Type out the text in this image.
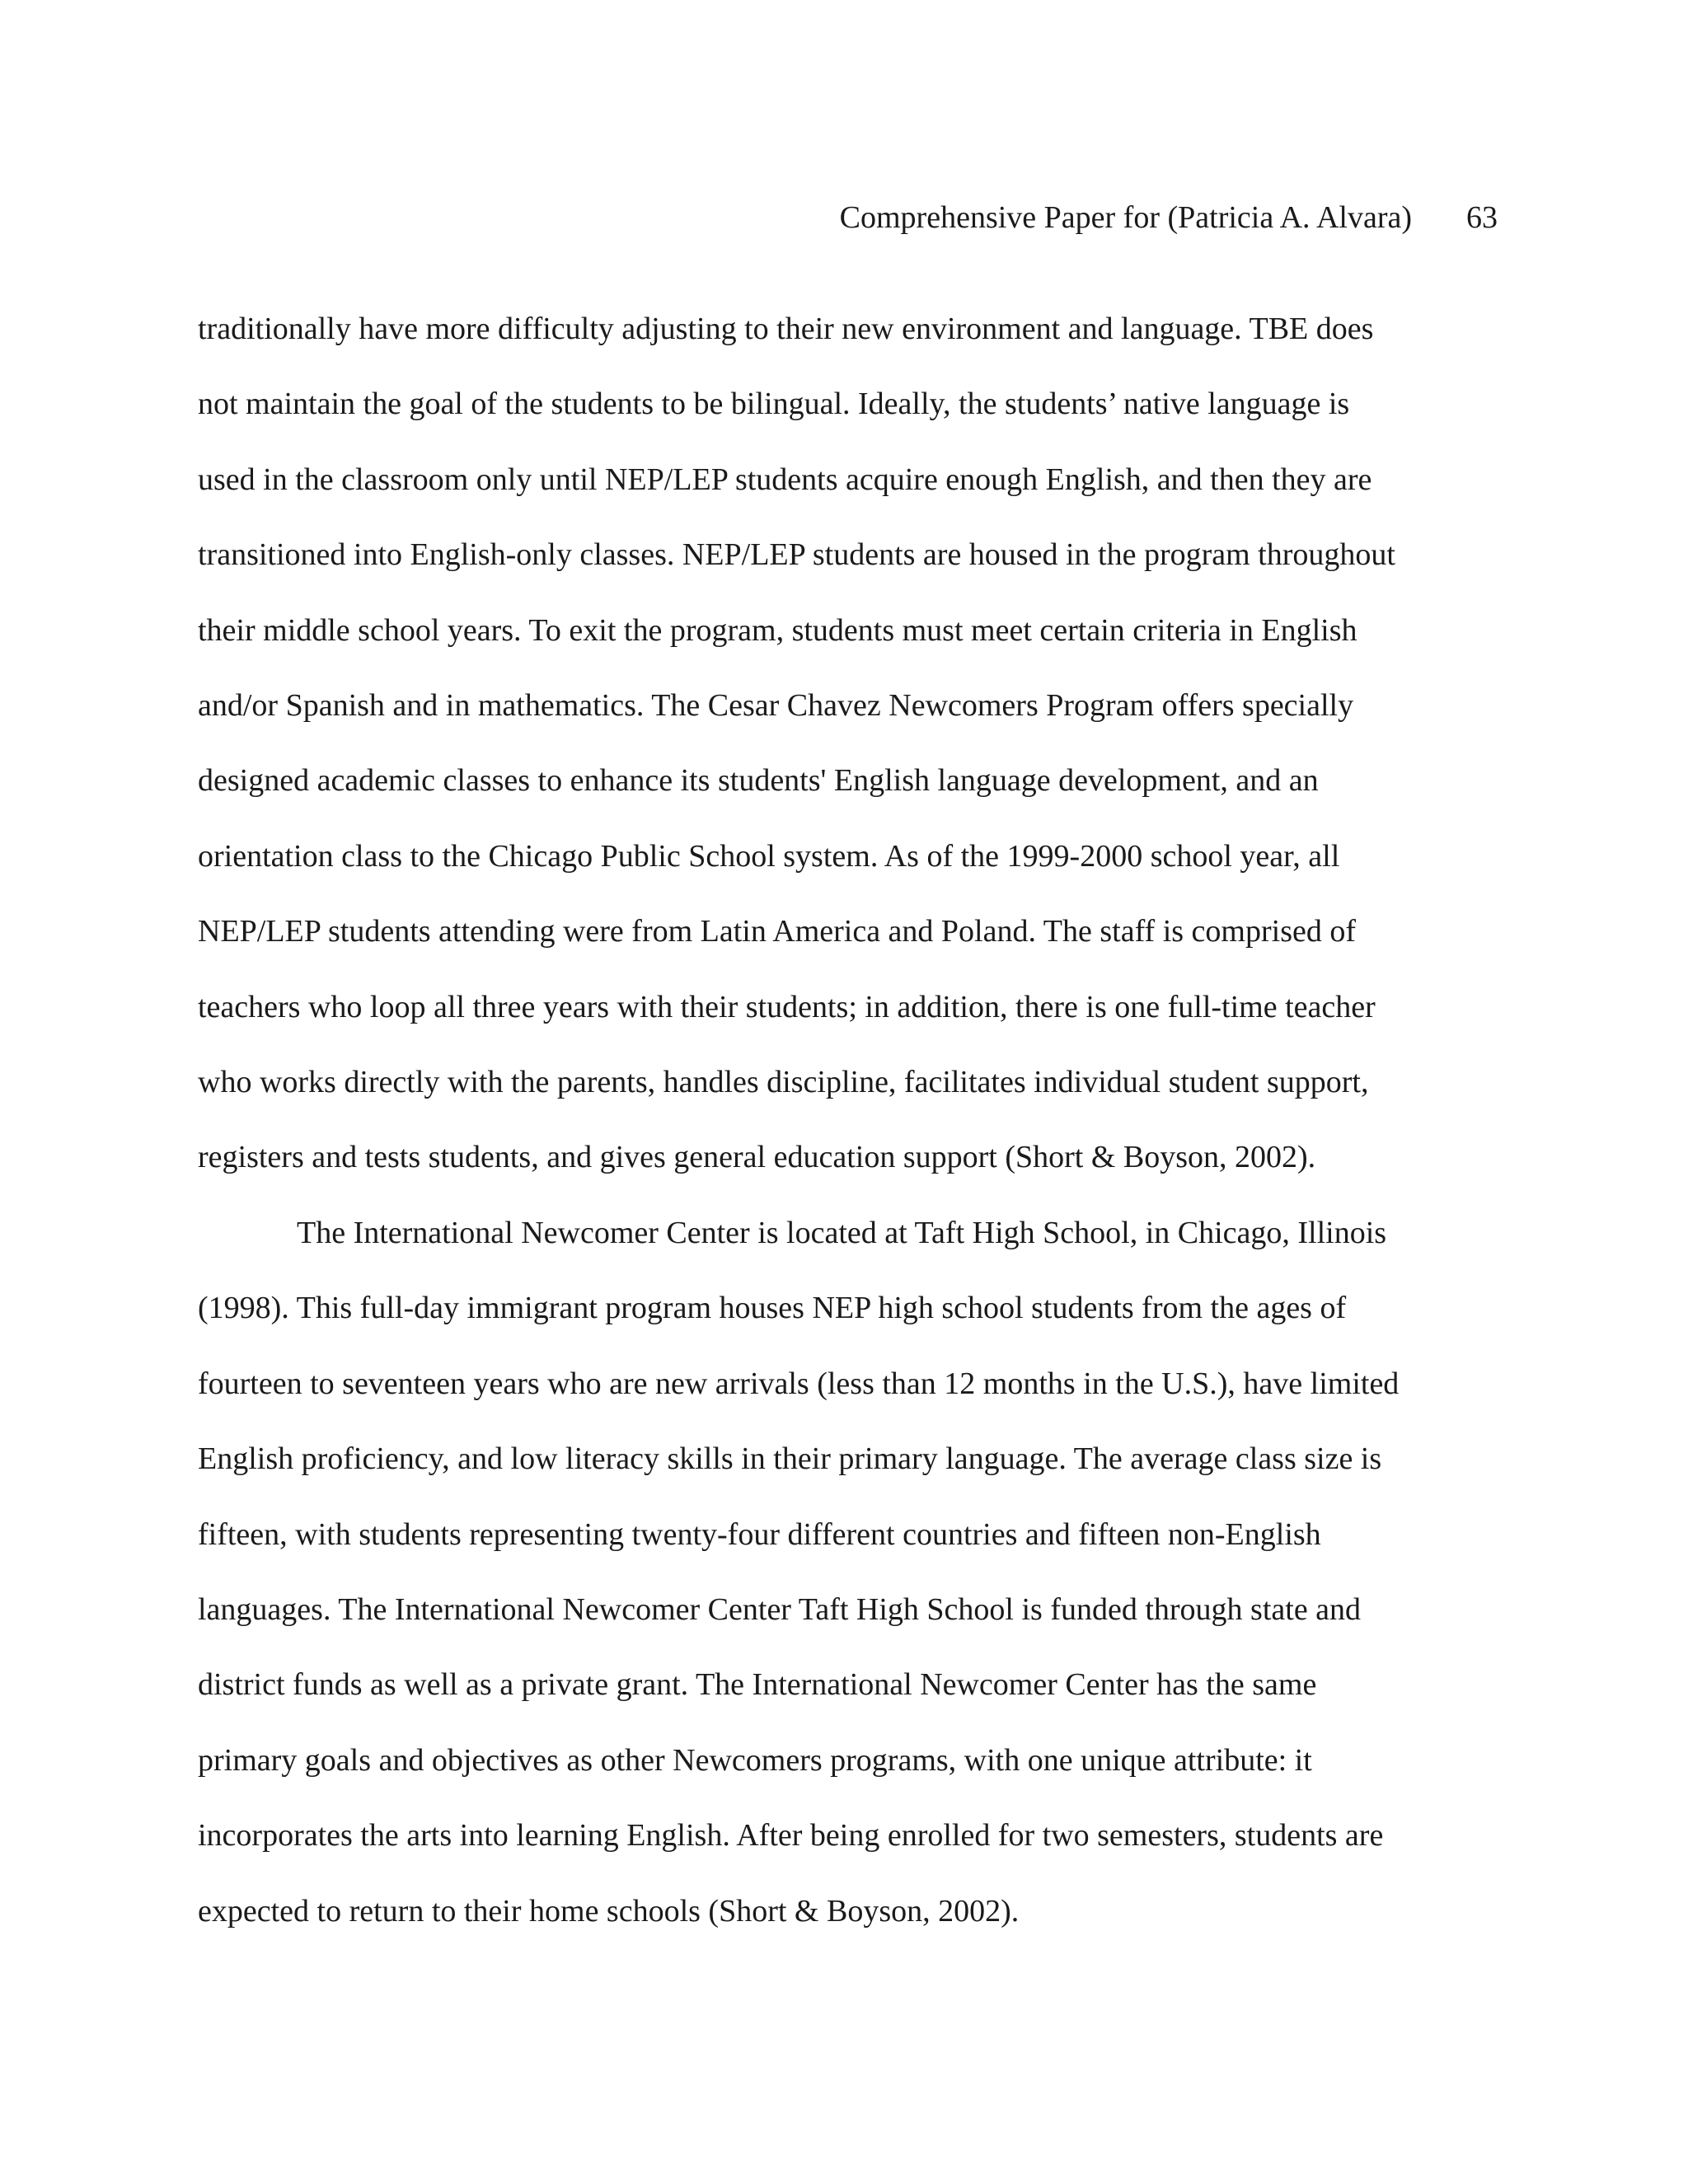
Comprehensive Paper for (Patricia A. Alvara) 63

traditionally have more difficulty adjusting to their new environment and language. TBE does

not maintain the goal of the students to be bilingual. Ideally, the students’ native language is

used in the classroom only until NEP/LEP students acquire enough English, and then they are

transitioned into English-only classes. NEP/LEP students are housed in the program throughout

their middle school years. To exit the program, students must meet certain criteria in English

and/or Spanish and in mathematics. The Cesar Chavez Newcomers Program offers specially

designed academic classes to enhance its students' English language development, and an

orientation class to the Chicago Public School system. As of the 1999-2000 school year, all

NEP/LEP students attending were from Latin America and Poland. The staff is comprised of

teachers who loop all three years with their students; in addition, there is one full-time teacher

who works directly with the parents, handles discipline, facilitates individual student support,

registers and tests students, and gives general education support (Short & Boyson, 2002).

The International Newcomer Center is located at Taft High School, in Chicago, Illinois

(1998). This full-day immigrant program houses NEP high school students from the ages of

fourteen to seventeen years who are new arrivals (less than 12 months in the U.S.), have limited

English proficiency, and low literacy skills in their primary language. The average class size is

fifteen, with students representing twenty-four different countries and fifteen non-English

languages. The International Newcomer Center Taft High School is funded through state and

district funds as well as a private grant. The International Newcomer Center has the same

primary goals and objectives as other Newcomers programs, with one unique attribute: it

incorporates the arts into learning English. After being enrolled for two semesters, students are

expected to return to their home schools (Short & Boyson, 2002).
